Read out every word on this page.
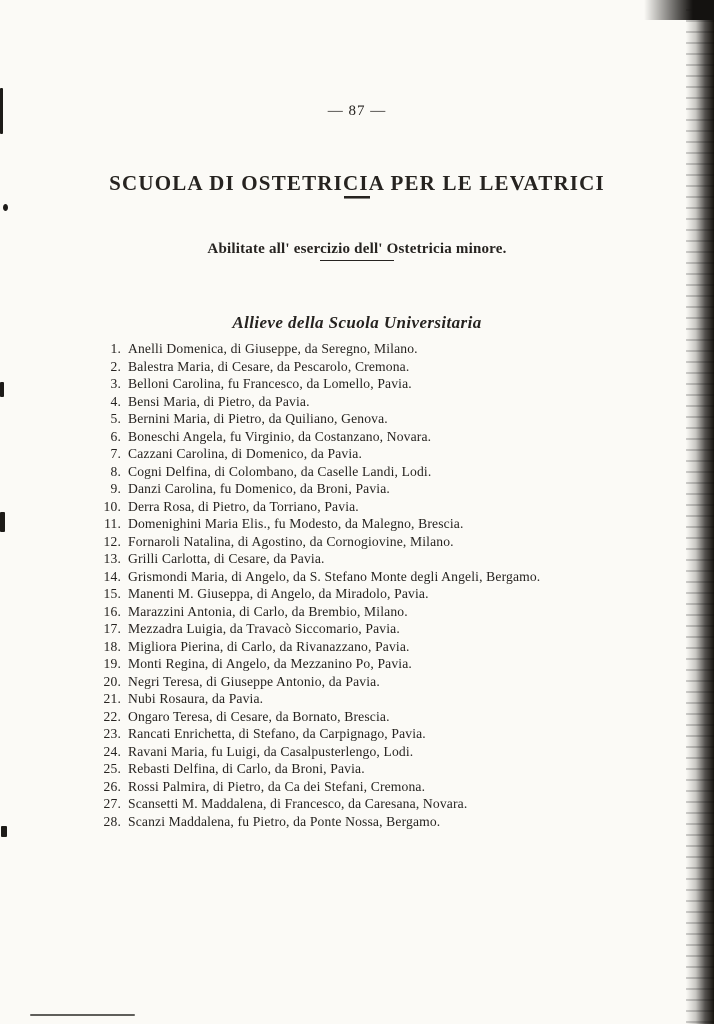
— 87 —
SCUOLA DI OSTETRICIA PER LE LEVATRICI
Abilitate all' esercizio dell' Ostetricia minore.
Allieve della Scuola Universitaria
1. Anelli Domenica, di Giuseppe, da Seregno, Milano.
2. Balestra Maria, di Cesare, da Pescarolo, Cremona.
3. Belloni Carolina, fu Francesco, da Lomello, Pavia.
4. Bensi Maria, di Pietro, da Pavia.
5. Bernini Maria, di Pietro, da Quiliano, Genova.
6. Boneschi Angela, fu Virginio, da Costanzano, Novara.
7. Cazzani Carolina, di Domenico, da Pavia.
8. Cogni Delfina, di Colombano, da Caselle Landi, Lodi.
9. Danzi Carolina, fu Domenico, da Broni, Pavia.
10. Derra Rosa, di Pietro, da Torriano, Pavia.
11. Domenighini Maria Elis., fu Modesto, da Malegno, Brescia.
12. Fornaroli Natalina, di Agostino, da Cornogiovine, Milano.
13. Grilli Carlotta, di Cesare, da Pavia.
14. Grismondi Maria, di Angelo, da S. Stefano Monte degli Angeli, Bergamo.
15. Manenti M. Giuseppa, di Angelo, da Miradolo, Pavia.
16. Marazzini Antonia, di Carlo, da Brembio, Milano.
17. Mezzadra Luigia, da Travacò Siccomario, Pavia.
18. Migliora Pierina, di Carlo, da Rivanazzano, Pavia.
19. Monti Regina, di Angelo, da Mezzanino Po, Pavia.
20. Negri Teresa, di Giuseppe Antonio, da Pavia.
21. Nubi Rosaura, da Pavia.
22. Ongaro Teresa, di Cesare, da Bornato, Brescia.
23. Rancati Enrichetta, di Stefano, da Carpignago, Pavia.
24. Ravani Maria, fu Luigi, da Casalpusterlengo, Lodi.
25. Rebasti Delfina, di Carlo, da Broni, Pavia.
26. Rossi Palmira, di Pietro, da Ca dei Stefani, Cremona.
27. Scansetti M. Maddalena, di Francesco, da Caresana, Novara.
28. Scanzi Maddalena, fu Pietro, da Ponte Nossa, Bergamo.
